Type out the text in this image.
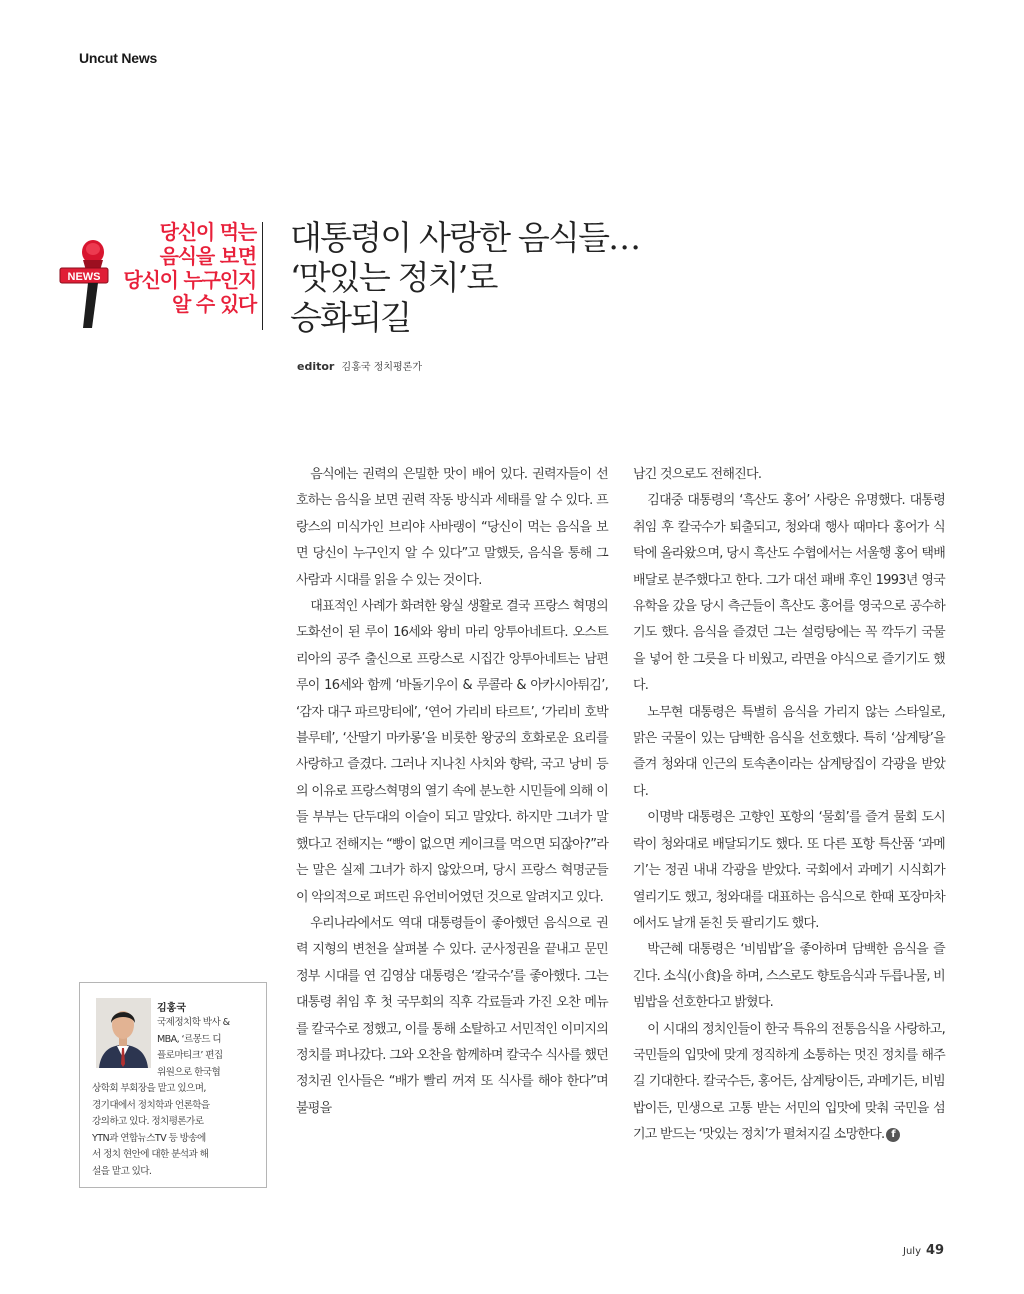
Uncut News
NEWS
당신이 먹는
음식을 보면
당신이 누구인지
알 수 있다
대통령이 사랑한 음식들…
‘맛있는 정치’로
승화되길
editor 김홍국 정치평론가

음식에는 권력의 은밀한 맛이 배어 있다. 권력자들이 선호하는 음식을 보면 권력 작동 방식과 세태를 알 수 있다. 프랑스의 미식가인 브리야 사바랭이 “당신이 먹는 음식을 보면 당신이 누구인지 알 수 있다”고 말했듯, 음식을 통해 그 사람과 시대를 읽을 수 있는 것이다.

대표적인 사례가 화려한 왕실 생활로 결국 프랑스 혁명의 도화선이 된 루이 16세와 왕비 마리 앙투아네트다. 오스트리아의 공주 출신으로 프랑스로 시집간 앙투아네트는 남편 루이 16세와 함께 ‘바돌기우이 & 루콜라 & 아카시아튀김’, ‘감자 대구 파르망티에’, ‘연어 가리비 타르트’, ‘가리비 호박 블루테’, ‘산딸기 마카롱’을 비롯한 왕궁의 호화로운 요리를 사랑하고 즐겼다. 그러나 지나친 사치와 향락, 국고 낭비 등의 이유로 프랑스혁명의 열기 속에 분노한 시민들에 의해 이들 부부는 단두대의 이슬이 되고 말았다. 하지만 그녀가 말했다고 전해지는 “빵이 없으면 케이크를 먹으면 되잖아?”라는 말은 실제 그녀가 하지 않았으며, 당시 프랑스 혁명군들이 악의적으로 퍼뜨린 유언비어였던 것으로 알려지고 있다.

우리나라에서도 역대 대통령들이 좋아했던 음식으로 권력 지형의 변천을 살펴볼 수 있다. 군사정권을 끝내고 문민정부 시대를 연 김영삼 대통령은 ‘칼국수’를 좋아했다. 그는 대통령 취임 후 첫 국무회의 직후 각료들과 가진 오찬 메뉴를 칼국수로 정했고, 이를 통해 소탈하고 서민적인 이미지의 정치를 펴나갔다. 그와 오찬을 함께하며 칼국수 식사를 했던 정치권 인사들은 “배가 빨리 꺼져 또 식사를 해야 한다”며 불평을

남긴 것으로도 전해진다.

김대중 대통령의 ‘흑산도 홍어’ 사랑은 유명했다. 대통령 취임 후 칼국수가 퇴출되고, 청와대 행사 때마다 홍어가 식탁에 올라왔으며, 당시 흑산도 수협에서는 서울행 홍어 택배 배달로 분주했다고 한다. 그가 대선 패배 후인 1993년 영국 유학을 갔을 당시 측근들이 흑산도 홍어를 영국으로 공수하기도 했다. 음식을 즐겼던 그는 설렁탕에는 꼭 깍두기 국물을 넣어 한 그릇을 다 비웠고, 라면을 야식으로 즐기기도 했다.

노무현 대통령은 특별히 음식을 가리지 않는 스타일로, 맑은 국물이 있는 담백한 음식을 선호했다. 특히 ‘삼계탕’을 즐겨 청와대 인근의 토속촌이라는 삼계탕집이 각광을 받았다.

이명박 대통령은 고향인 포항의 ‘물회’를 즐겨 물회 도시락이 청와대로 배달되기도 했다. 또 다른 포항 특산품 ‘과메기’는 정권 내내 각광을 받았다. 국회에서 과메기 시식회가 열리기도 했고, 청와대를 대표하는 음식으로 한때 포장마차에서도 날개 돋친 듯 팔리기도 했다.

박근혜 대통령은 ‘비빔밥’을 좋아하며 담백한 음식을 즐긴다. 소식(小食)을 하며, 스스로도 향토음식과 두릅나물, 비빔밥을 선호한다고 밝혔다.

이 시대의 정치인들이 한국 특유의 전통음식을 사랑하고, 국민들의 입맛에 맞게 정직하게 소통하는 멋진 정치를 해주길 기대한다. 칼국수든, 홍어든, 삼계탕이든, 과메기든, 비빔밥이든, 민생으로 고통 받는 서민의 입맛에 맞춰 국민을 섬기고 받드는 ‘맛있는 정치’가 펼쳐지길 소망한다. f

김홍국
국제정치학 박사 &
MBA, ‘르몽드 디
플로마티크’ 편집
위원으로 한국협
상학회 부회장을 맡고 있으며,
경기대에서 정치학과 언론학을
강의하고 있다. 정치평론가로
YTN과 연합뉴스TV 등 방송에
서 정치 현안에 대한 분석과 해
설을 맡고 있다.
July 49
